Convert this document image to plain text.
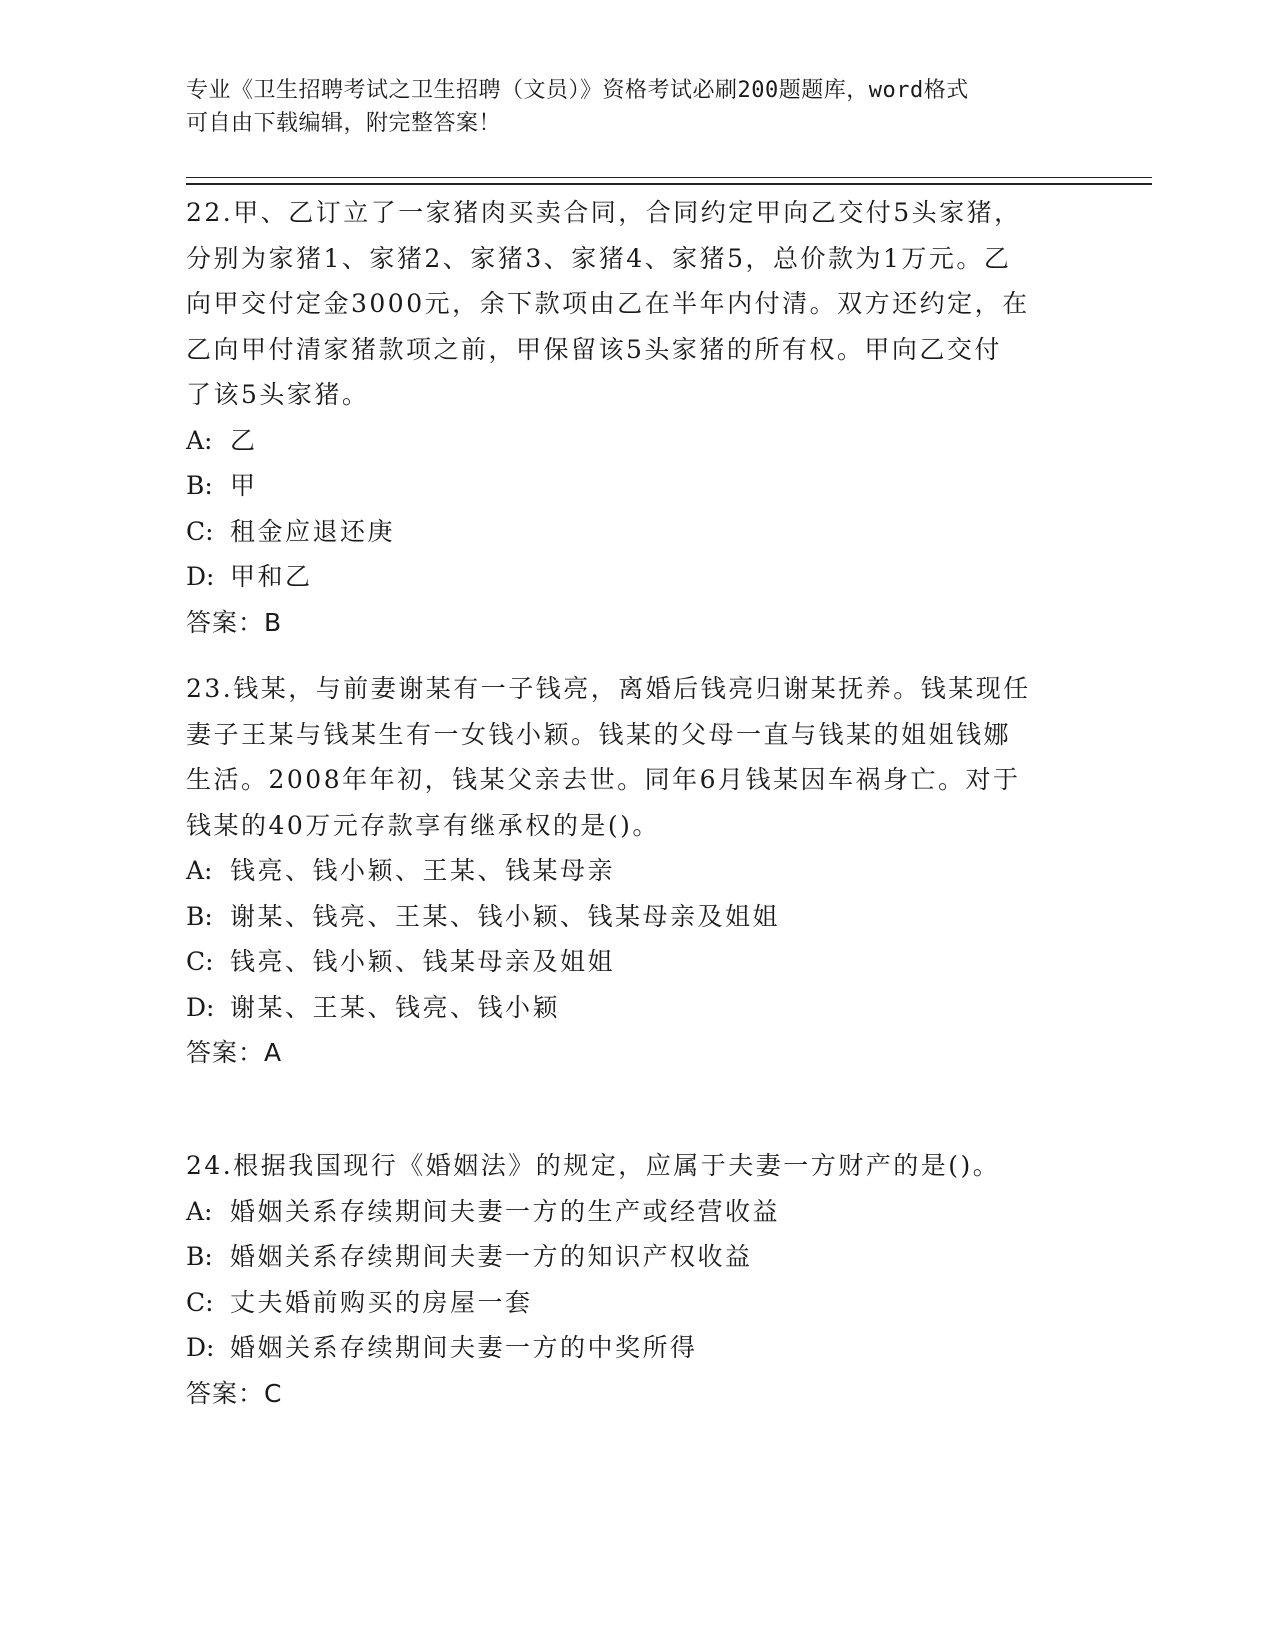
专业《卫生招聘考试之卫生招聘（文员）》资格考试必刷200题题库，word格式
可自由下载编辑，附完整答案！
22.甲、乙订立了一家猪肉买卖合同，合同约定甲向乙交付5头家猪，
分别为家猪1、家猪2、家猪3、家猪4、家猪5，总价款为1万元。乙
向甲交付定金3000元，余下款项由乙在半年内付清。双方还约定，在
乙向甲付清家猪款项之前，甲保留该5头家猪的所有权。甲向乙交付
了该5头家猪。
A: 乙
B: 甲
C: 租金应退还庚
D: 甲和乙
答案：B
23.钱某，与前妻谢某有一子钱亮，离婚后钱亮归谢某抚养。钱某现任
妻子王某与钱某生有一女钱小颖。钱某的父母一直与钱某的姐姐钱娜
生活。2008年年初，钱某父亲去世。同年6月钱某因车祸身亡。对于
钱某的40万元存款享有继承权的是()。
A: 钱亮、钱小颖、王某、钱某母亲
B: 谢某、钱亮、王某、钱小颖、钱某母亲及姐姐
C: 钱亮、钱小颖、钱某母亲及姐姐
D: 谢某、王某、钱亮、钱小颖
答案：A
24.根据我国现行《婚姻法》的规定，应属于夫妻一方财产的是()。
A: 婚姻关系存续期间夫妻一方的生产或经营收益
B: 婚姻关系存续期间夫妻一方的知识产权收益
C: 丈夫婚前购买的房屋一套
D: 婚姻关系存续期间夫妻一方的中奖所得
答案：C
